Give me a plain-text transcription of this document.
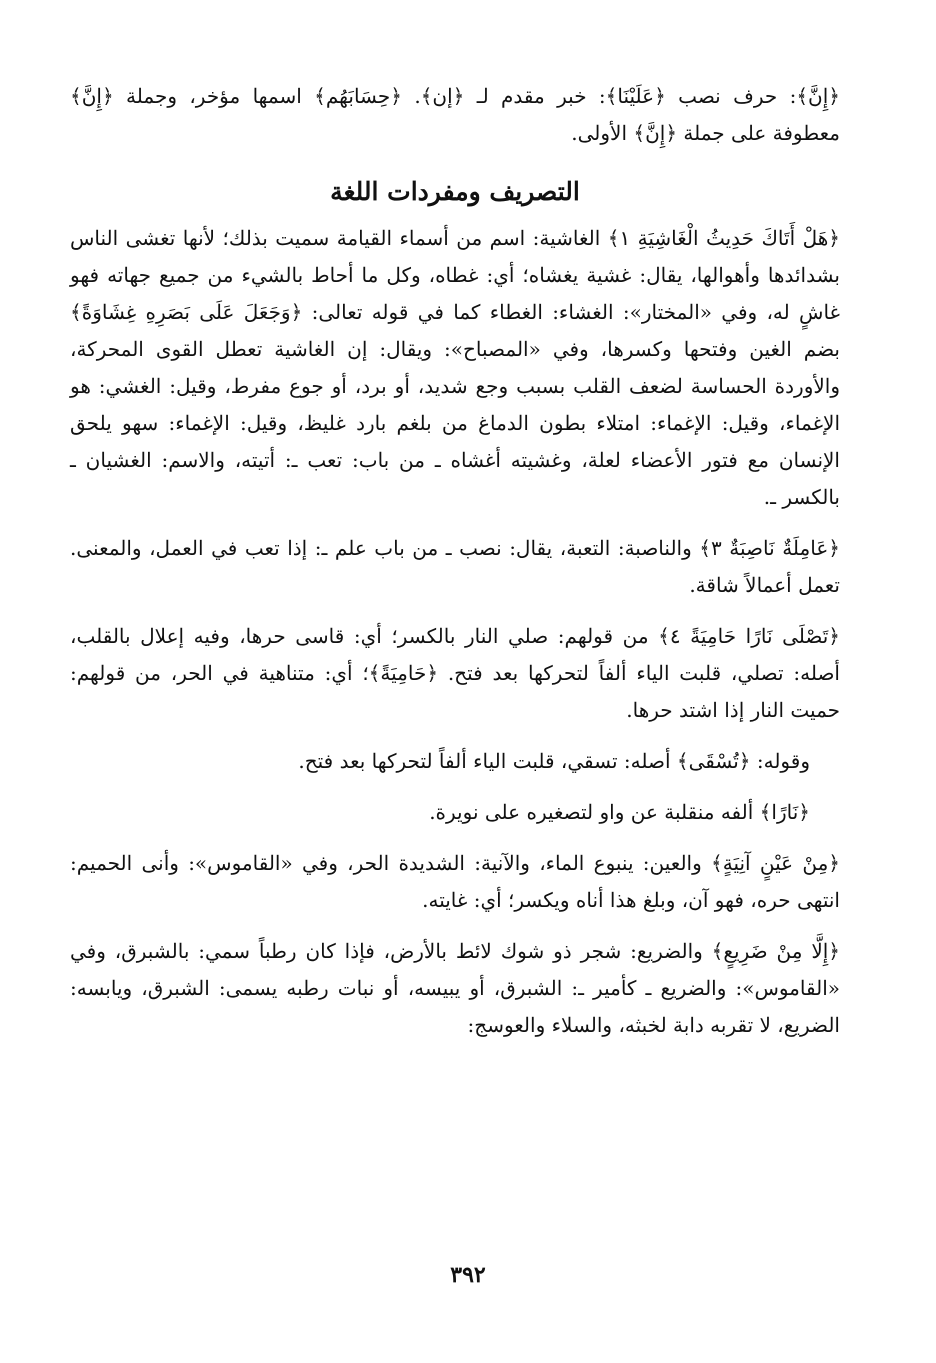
﴿إِنَّ﴾: حرف نصب ﴿عَلَيْنَا﴾: خبر مقدم لـ ﴿إن﴾. ﴿حِسَابَهُم﴾ اسمها مؤخر، وجملة ﴿إِنَّ﴾ معطوفة على جملة ﴿إِنَّ﴾ الأولى.

التصريف ومفردات اللغة

﴿هَلْ أَتَاكَ حَدِيثُ الْغَاشِيَةِ ١﴾ الغاشية: اسم من أسماء القيامة سميت بذلك؛ لأنها تغشى الناس بشدائدها وأهوالها، يقال: غشية يغشاه؛ أي: غطاه، وكل ما أحاط بالشيء من جميع جهاته فهو غاشٍ له، وفي «المختار»: الغشاء: الغطاء كما في قوله تعالى: ﴿وَجَعَلَ عَلَى بَصَرِهِ غِشَاوَةً﴾ بضم الغين وفتحها وكسرها، وفي «المصباح»: ويقال: إن الغاشية تعطل القوى المحركة، والأوردة الحساسة لضعف القلب بسبب وجع شديد، أو برد، أو جوع مفرط، وقيل: الغشي: هو الإغماء، وقيل: الإغماء: امتلاء بطون الدماغ من بلغم بارد غليظ، وقيل: الإغماء: سهو يلحق الإنسان مع فتور الأعضاء لعلة، وغشيته أغشاه ـ من باب: تعب ـ: أتيته، والاسم: الغشيان ـ بالكسر ـ.

﴿عَامِلَةٌ نَاصِبَةٌ ٣﴾ والناصبة: التعبة، يقال: نصب ـ من باب علم ـ: إذا تعب في العمل، والمعنى. تعمل أعمالاً شاقة.

﴿تَصْلَى نَارًا حَامِيَةً ٤﴾ من قولهم: صلي النار بالكسر؛ أي: قاسى حرها، وفيه إعلال بالقلب، أصله: تصلي، قلبت الياء ألفاً لتحركها بعد فتح. ﴿حَامِيَةً﴾؛ أي: متناهية في الحر، من قولهم: حميت النار إذا اشتد حرها.

وقوله: ﴿تُسْقَى﴾ أصله: تسقي، قلبت الياء ألفاً لتحركها بعد فتح.

﴿نَارًا﴾ ألفه منقلبة عن واو لتصغيره على نويرة.

﴿مِنْ عَيْنٍ آنِيَةٍ﴾ والعين: ينبوع الماء، والآنية: الشديدة الحر، وفي «القاموس»: وأنى الحميم: انتهى حره، فهو آن، وبلغ هذا أناه ويكسر؛ أي: غايته.

﴿إِلَّا مِنْ ضَرِيعٍ﴾ والضريع: شجر ذو شوك لائط بالأرض، فإذا كان رطباً سمي: بالشبرق، وفي «القاموس»: والضريع ـ كأمير ـ: الشبرق، أو يبيسه، أو نبات رطبه يسمى: الشبرق، ويابسه: الضريع، لا تقربه دابة لخبثه، والسلاء والعوسج:

٣٩٢
